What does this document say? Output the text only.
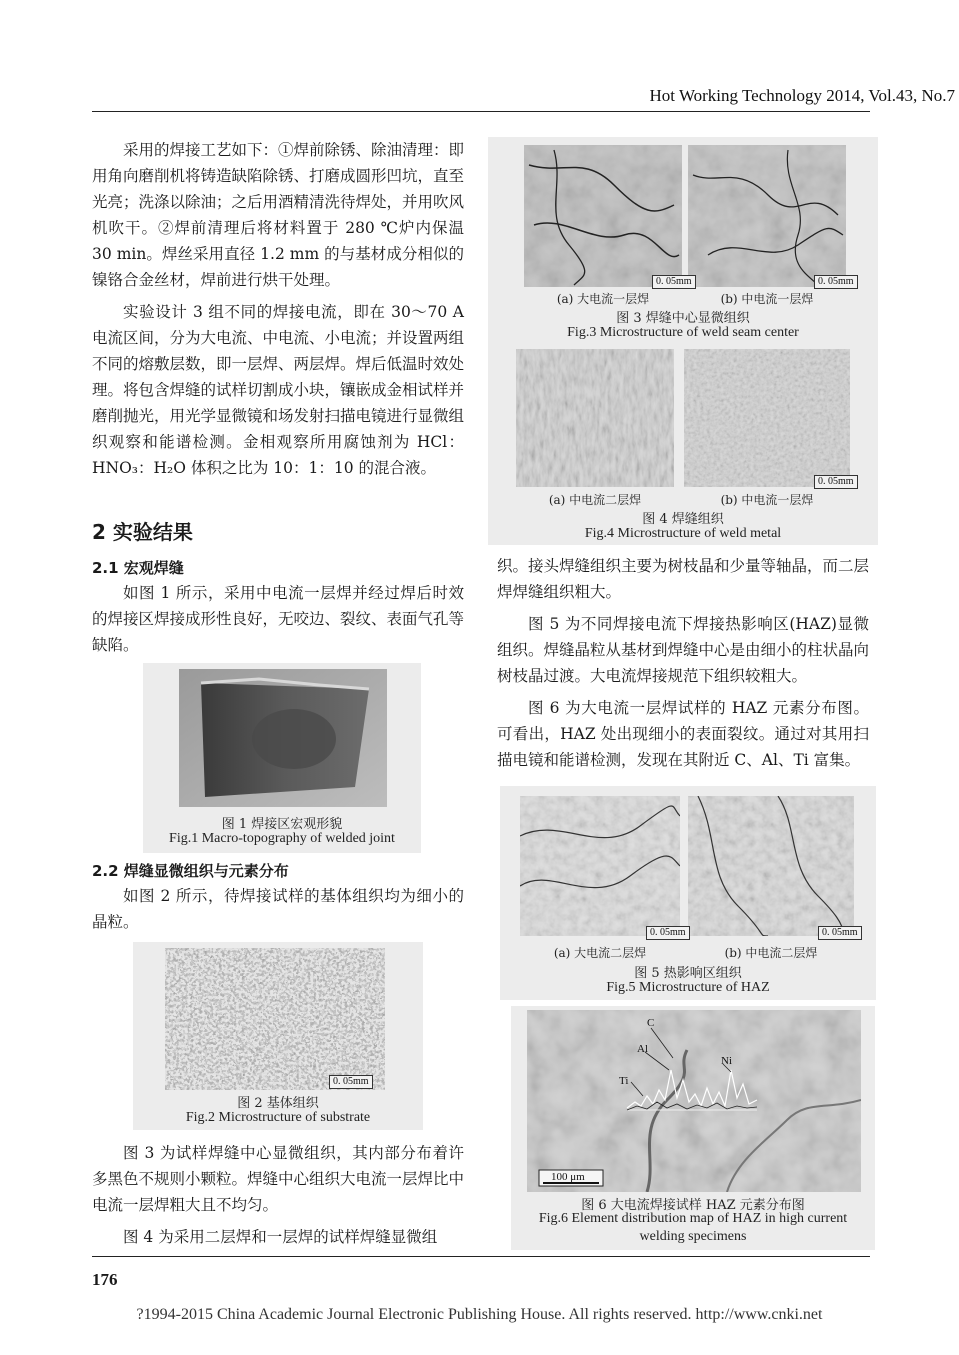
Hot Working Technology 2014, Vol.43, No.7

采用的焊接工艺如下：①焊前除锈、除油清理：即用角向磨削机将铸造缺陷除锈、打磨成圆形凹坑，直至光亮；洗涤以除油；之后用酒精清洗待焊处，并用吹风机吹干。②焊前清理后将材料置于 280 ℃炉内保温 30 min。焊丝采用直径 1.2 mm 的与基材成分相似的镍铬合金丝材，焊前进行烘干处理。

实验设计 3 组不同的焊接电流，即在 30～70 A 电流区间，分为大电流、中电流、小电流；并设置两组不同的熔敷层数，即一层焊、两层焊。焊后低温时效处理。将包含焊缝的试样切割成小块，镶嵌成金相试样并磨削抛光，用光学显微镜和场发射扫描电镜进行显微组织观察和能谱检测。金相观察所用腐蚀剂为 HCl：HNO₃：H₂O 体积之比为 10：1：10 的混合液。

2 实验结果
2.1 宏观焊缝

如图 1 所示，采用中电流一层焊并经过焊后时效的焊接区焊接成形性良好，无咬边、裂纹、表面气孔等缺陷。

图 1 焊接区宏观形貌
Fig.1 Macro-topography of welded joint
2.2 焊缝显微组织与元素分布

如图 2 所示，待焊接试样的基体组织均为细小的晶粒。

0. 05mm
图 2 基体组织
Fig.2 Microstructure of substrate

图 3 为试样焊缝中心显微组织，其内部分布着许多黑色不规则小颗粒。焊缝中心组织大电流一层焊比中电流一层焊粗大且不均匀。

图 4 为采用二层焊和一层焊的试样焊缝显微组

0. 05mm	0. 05mm
(a) 大电流一层焊	(b) 中电流一层焊
图 3 焊缝中心显微组织
Fig.3 Microstructure of weld seam center
0. 05mm
(a) 中电流二层焊	(b) 中电流一层焊
图 4 焊缝组织
Fig.4 Microstructure of weld metal

织。接头焊缝组织主要为树枝晶和少量等轴晶，而二层焊焊缝组织粗大。

图 5 为不同焊接电流下焊接热影响区(HAZ)显微组织。焊缝晶粒从基材到焊缝中心是由细小的柱状晶向树枝晶过渡。大电流焊接规范下组织较粗大。

图 6 为大电流一层焊试样的 HAZ 元素分布图。可看出，HAZ 处出现细小的表面裂纹。通过对其用扫描电镜和能谱检测，发现在其附近 C、Al、Ti 富集。

0. 05mm	0. 05mm
(a) 大电流二层焊	(b) 中电流二层焊
图 5 热影响区组织
Fig.5 Microstructure of HAZ
Al
C
Ti
Ni
100 μm
图 6 大电流焊接试样 HAZ 元素分布图
Fig.6 Element distribution map of HAZ in high current
welding specimens
176
?1994-2015 China Academic Journal Electronic Publishing House. All rights reserved. http://www.cnki.net
